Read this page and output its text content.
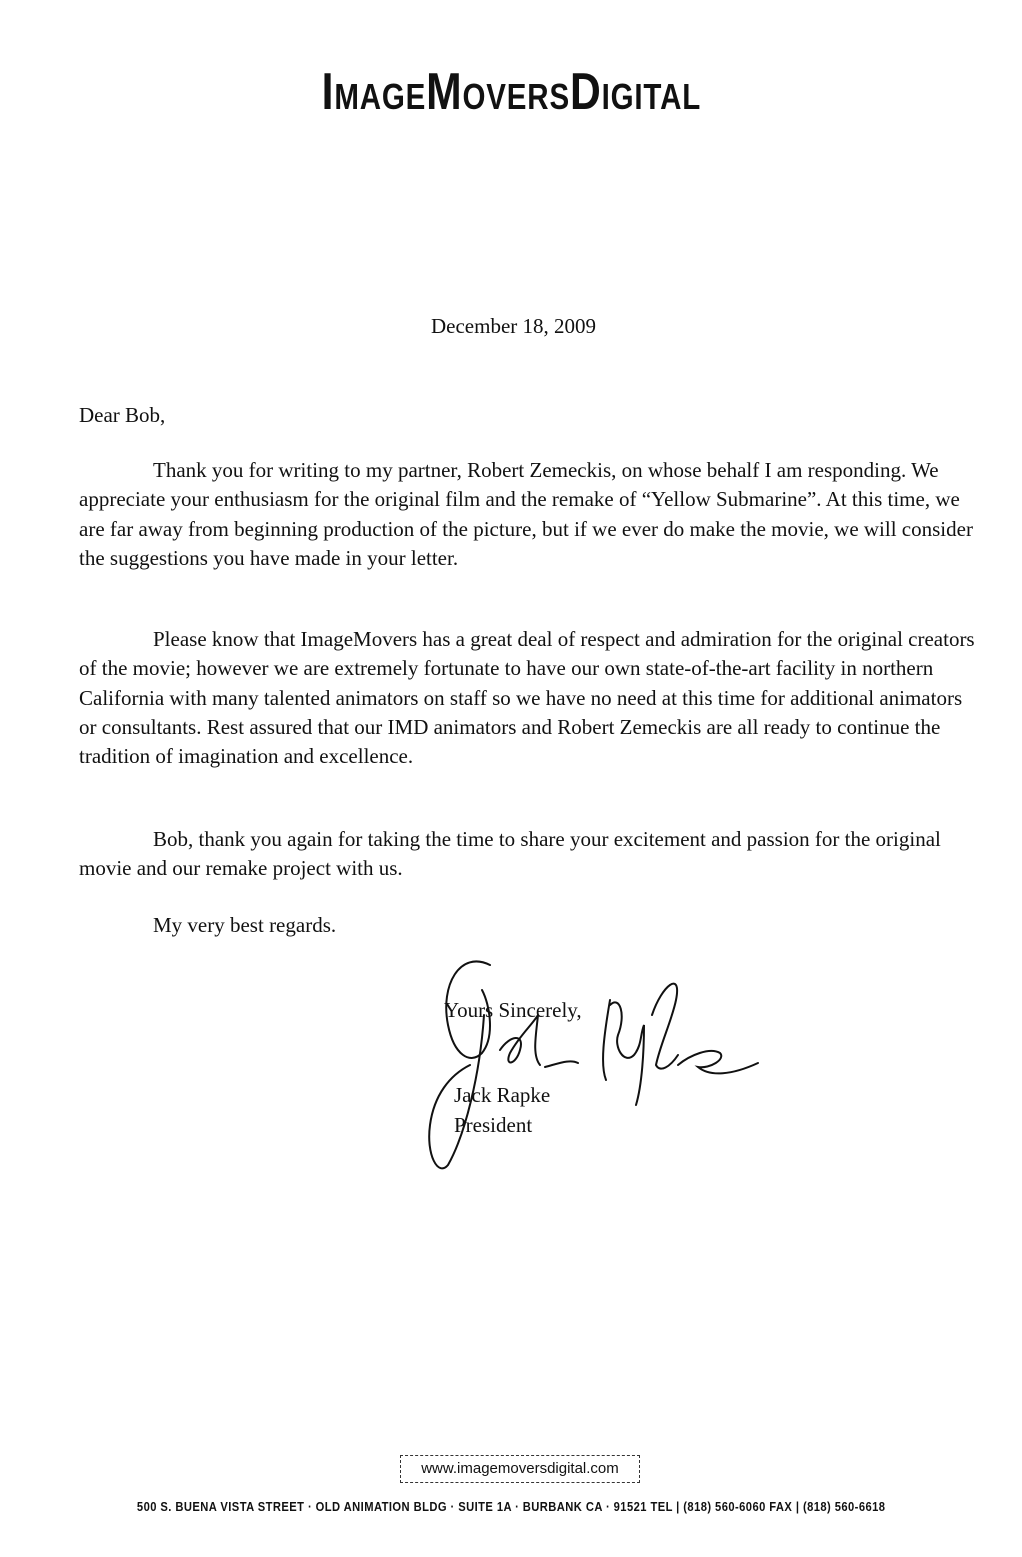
IMAGEMOVERSDIGITAL
December 18, 2009
Dear Bob,

Thank you for writing to my partner, Robert Zemeckis, on whose behalf I am responding. We appreciate your enthusiasm for the original film and the remake of “Yellow Submarine”. At this time, we are far away from beginning production of the picture, but if we ever do make the movie, we will consider the suggestions you have made in your letter.

Please know that ImageMovers has a great deal of respect and admiration for the original creators of the movie; however we are extremely fortunate to have our own state-of-the-art facility in northern California with many talented animators on staff so we have no need at this time for additional animators or consultants. Rest assured that our IMD animators and Robert Zemeckis are all ready to continue the tradition of imagination and excellence.

Bob, thank you again for taking the time to share your excitement and passion for the original movie and our remake project with us.

My very best regards.
Yours Sincerely,
Jack Rapke
President
www.imagemoversdigital.com
500 S. BUENA VISTA STREET · OLD ANIMATION BLDG · SUITE 1A · BURBANK CA · 91521 TEL | (818) 560-6060 FAX | (818) 560-6618
